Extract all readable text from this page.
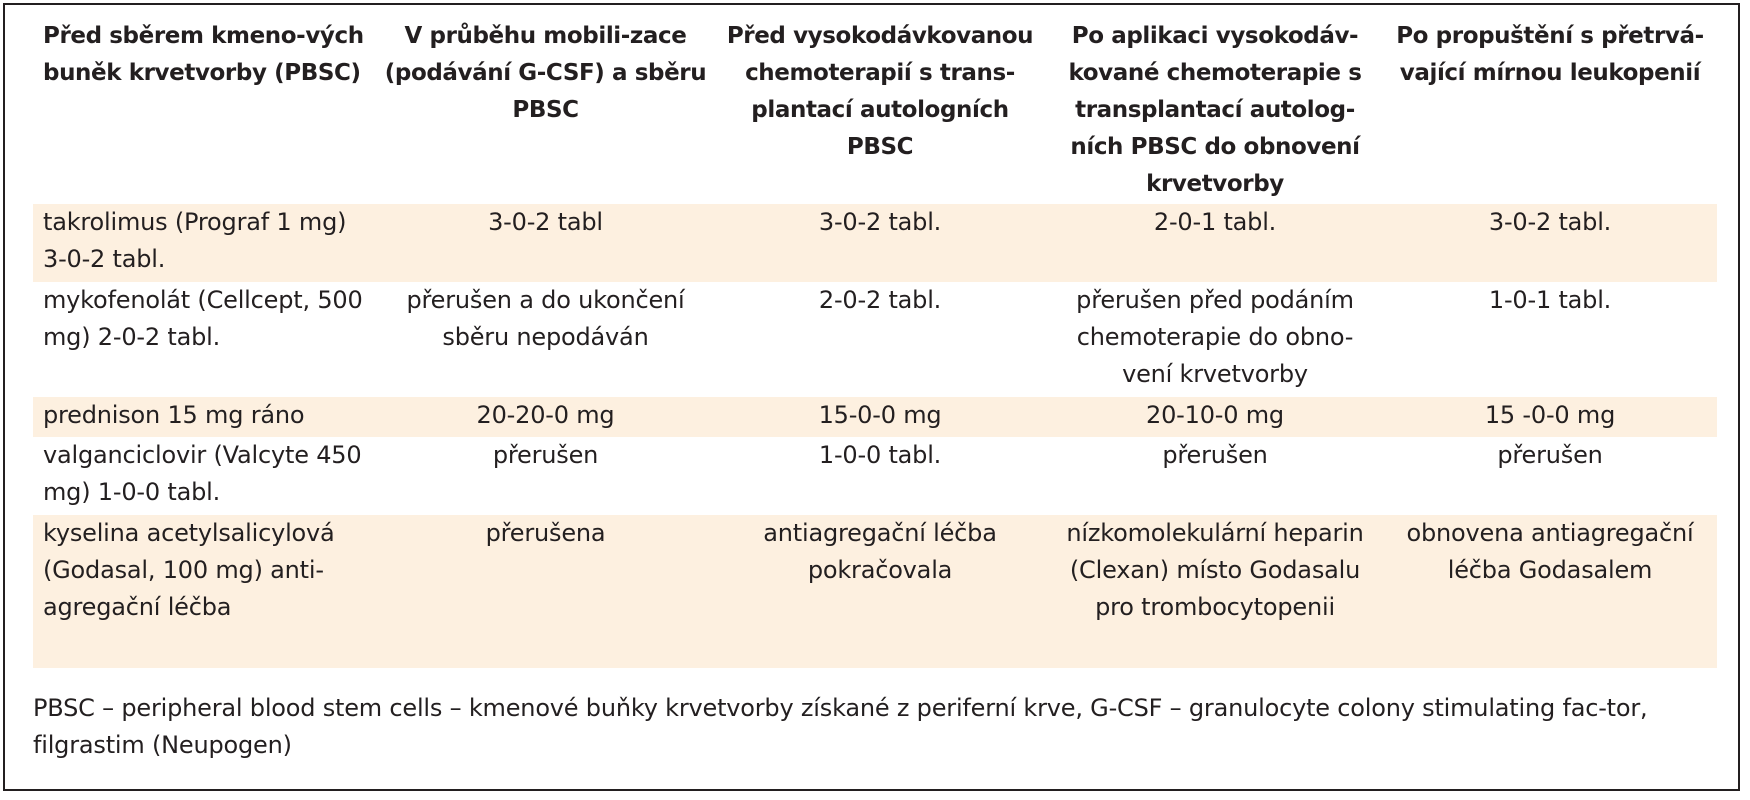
Před sběrem kmeno-vých buněk krvetvorby (PBSC)	V průběhu mobili-zace (podávání G-CSF) a sběru PBSC	Před vysokodávkovanou chemoterapií s trans-plantací autologních PBSC	Po aplikaci vysokodáv-kované chemoterapie s transplantací autolog-ních PBSC do obnovení krvetvorby	Po propuštění s přetrvá-vající mírnou leukopenií
takrolimus (Prograf 1 mg) 3-0-2 tabl.	3-0-2 tabl	3-0-2 tabl.	2-0-1 tabl.	3-0-2 tabl.
mykofenolát (Cellcept, 500 mg) 2-0-2 tabl.	přerušen a do ukončení sběru nepodáván	2-0-2 tabl.	přerušen před podáním chemoterapie do obno-vení krvetvorby	1-0-1 tabl.
prednison 15 mg ráno	20-20-0 mg	15-0-0 mg	20-10-0 mg	15 -0-0 mg
valganciclovir (Valcyte 450 mg) 1-0-0 tabl.	přerušen	1-0-0 tabl.	přerušen	přerušen
kyselina acetylsalicylová (Godasal, 100 mg) anti-agregační léčba	přerušena	antiagregační léčba pokračovala	nízkomolekulární heparin (Clexan) místo Godasalu pro trombocytopenii	obnovena antiagregační léčba Godasalem
PBSC – peripheral blood stem cells – kmenové buňky krvetvorby získané z periferní krve, G-CSF – granulocyte colony stimulating fac-tor, filgrastim (Neupogen)
